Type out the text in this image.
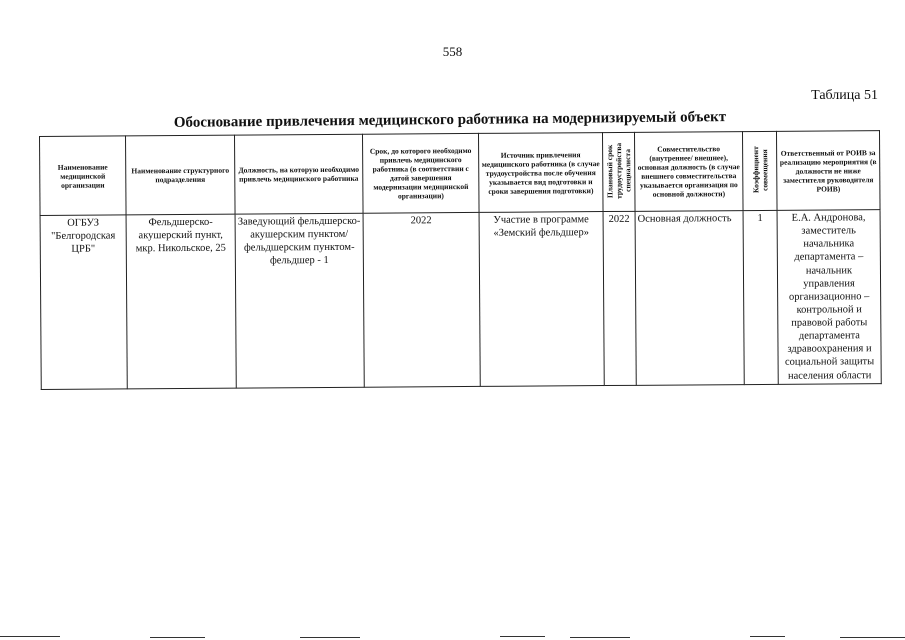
558
Таблица 51
Обоснование привлечения медицинского работника на модернизируемый объект
Наименование медицинской организации	Наименование структурного подразделения	Должность, на которую необходимо привлечь медицинского работника	Срок, до которого необходимо привлечь медицинского работника (в соответствии с датой завершения модернизации медицинской организации)	Источник привлечения медицинского работника (в случае трудоустройства после обучения указывается вид подготовки и сроки завершения подготовки)	Плановый срок трудоустройства специалиста	Совместительство (внутреннее/ внешнее), основная должность (в случае внешнего совместительства указывается организация по основной должности)	Коэффициент совмещения	Ответственный от РОИВ за реализацию мероприятия (в должности не ниже заместителя руководителя РОИВ)
ОГБУЗ "Белгородская ЦРБ"	Фельдшерско-акушерский пункт, мкр. Никольское, 25	Заведующий фельдшерско-акушерским пунктом/фельдшерским пунктом- фельдшер - 1	2022	Участие в программе «Земский фельдшер»	2022	Основная должность	1	Е.А. Андронова, заместитель начальника департамента – начальник управления организационно – контрольной и правовой работы департамента здравоохранения и социальной защиты населения области
